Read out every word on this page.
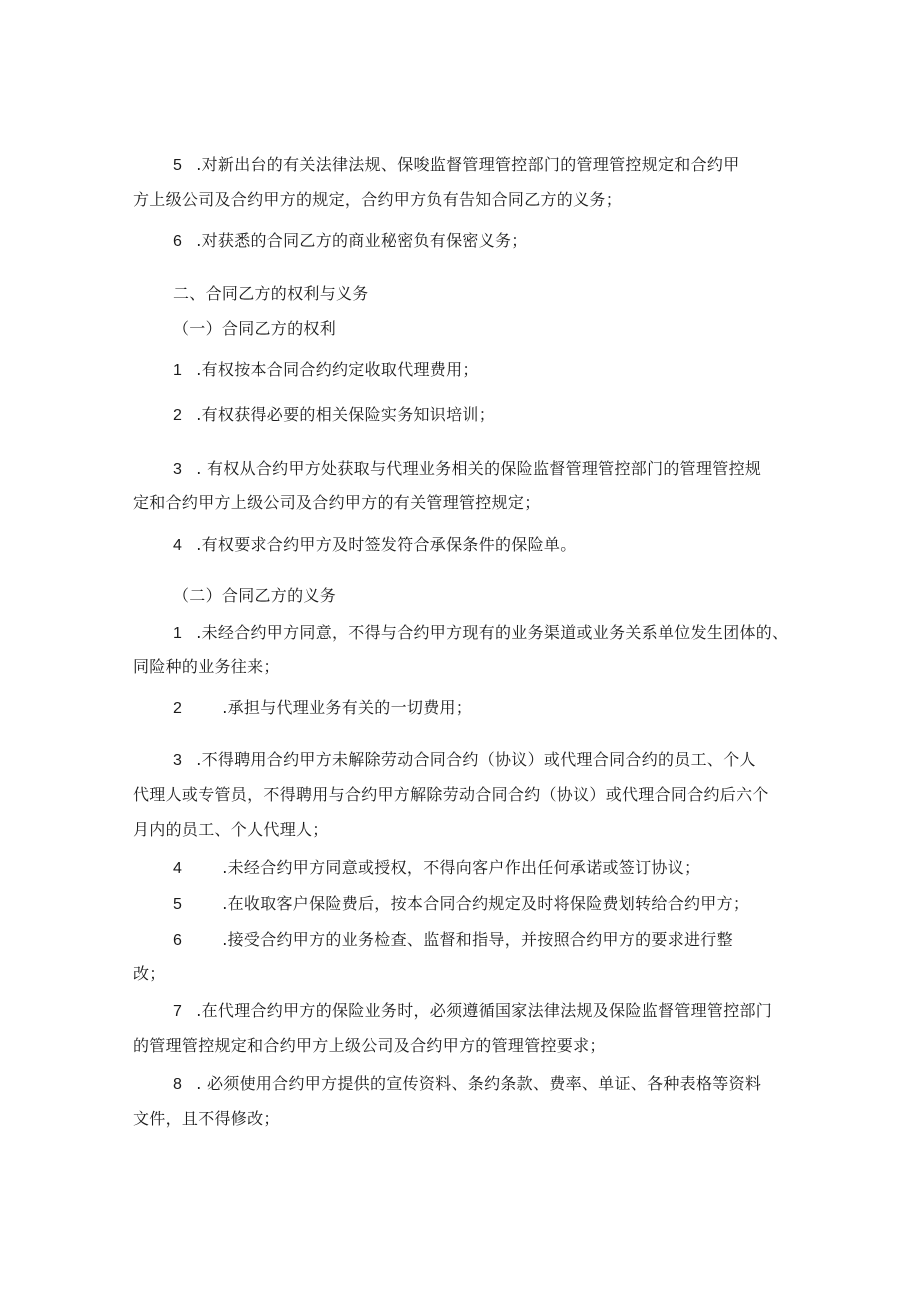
5 .对新出台的有关法律法规、保唆监督管理管控部门的管理管控规定和合约甲
方上级公司及合约甲方的规定，合约甲方负有告知合同乙方的义务；
6 .对获悉的合同乙方的商业秘密负有保密义务；
二、合同乙方的权利与义务
（一）合同乙方的权利
1 .有权按本合同合约约定收取代理费用；
2 .有权获得必要的相关保险实务知识培训；
3 . 有权从合约甲方处获取与代理业务相关的保险监督管理管控部门的管理管控规
定和合约甲方上级公司及合约甲方的有关管理管控规定；
4 .有权要求合约甲方及时签发符合承保条件的保险单。
（二）合同乙方的义务
1 .未经合约甲方同意，不得与合约甲方现有的业务渠道或业务关系单位发生团体的、
同险种的业务往来；
2	.承担与代理业务有关的一切费用；
3 .不得聘用合约甲方未解除劳动合同合约（协议）或代理合同合约的员工、个人
代理人或专管员，不得聘用与合约甲方解除劳动合同合约（协议）或代理合同合约后六个
月内的员工、个人代理人；
4	.未经合约甲方同意或授权，不得向客户作出任何承诺或签订协议；
5	.在收取客户保险费后，按本合同合约规定及时将保险费划转给合约甲方；
6	.接受合约甲方的业务检查、监督和指导，并按照合约甲方的要求进行整
改；
7 .在代理合约甲方的保险业务时，必须遵循国家法律法规及保险监督管理管控部门
的管理管控规定和合约甲方上级公司及合约甲方的管理管控要求；
8 . 必须使用合约甲方提供的宣传资料、条约条款、费率、单证、各种表格等资料
文件，且不得修改；
